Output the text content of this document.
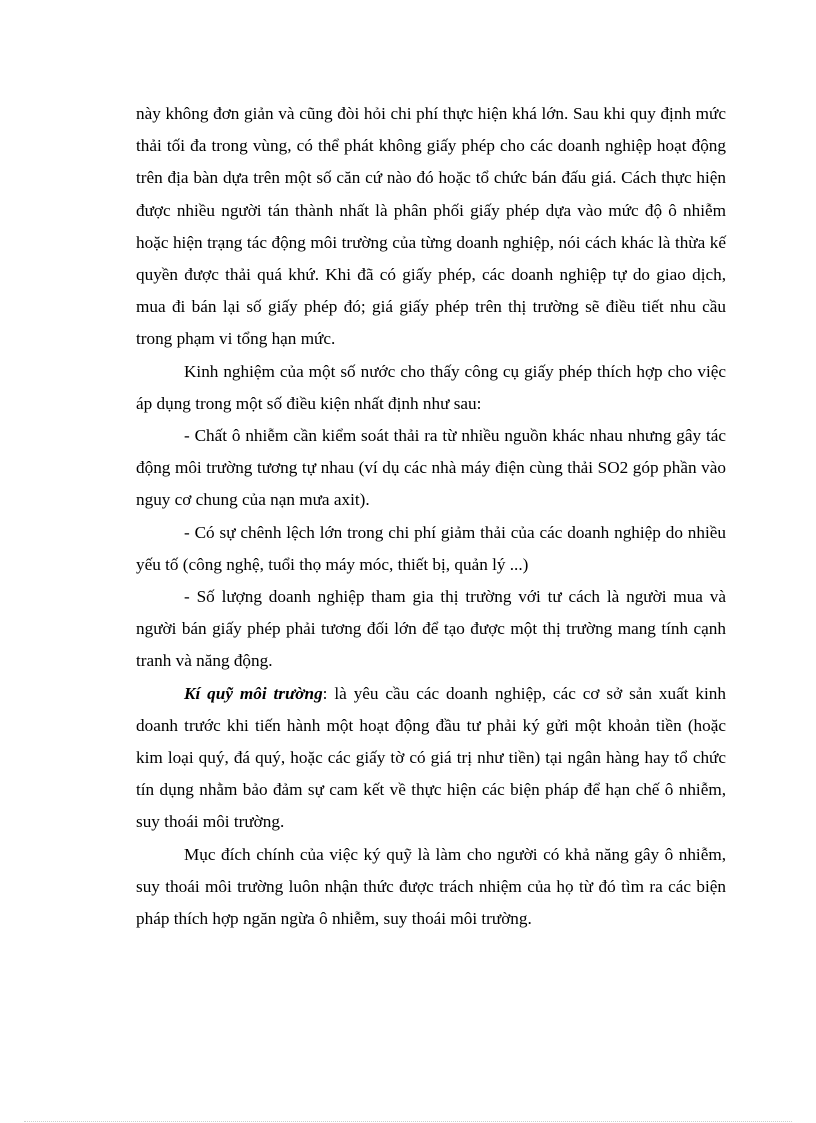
này không đơn giản và cũng đòi hỏi chi phí thực hiện khá lớn. Sau khi quy định mức thải tối đa trong vùng, có thể phát không giấy phép cho các doanh nghiệp hoạt động trên địa bàn dựa trên một số căn cứ nào đó hoặc tổ chức bán đấu giá. Cách thực hiện được nhiều người tán thành nhất là phân phối giấy phép dựa vào mức độ ô nhiễm hoặc hiện trạng tác động môi trường của từng doanh nghiệp, nói cách khác là thừa kế quyền được thải quá khứ. Khi đã có giấy phép, các doanh nghiệp tự do giao dịch, mua đi bán lại số giấy phép đó; giá giấy phép trên thị trường sẽ điều tiết nhu cầu trong phạm vi tổng hạn mức.

Kinh nghiệm của một số nước cho thấy công cụ giấy phép thích hợp cho việc áp dụng trong một số điều kiện nhất định như sau:

- Chất ô nhiễm cần kiểm soát thải ra từ nhiều nguồn khác nhau nhưng gây tác động môi trường tương tự nhau (ví dụ các nhà máy điện cùng thải SO2 góp phần vào nguy cơ chung của nạn mưa axit).

- Có sự chênh lệch lớn trong chi phí giảm thải của các doanh nghiệp do nhiều yếu tố (công nghệ, tuổi thọ máy móc, thiết bị, quản lý ...)

- Số lượng doanh nghiệp tham gia thị trường với tư cách là người mua và người bán giấy phép phải tương đối lớn để tạo được một thị trường mang tính cạnh tranh và năng động.

Kí quỹ môi trường: là yêu cầu các doanh nghiệp, các cơ sở sản xuất kinh doanh trước khi tiến hành một hoạt động đầu tư phải ký gửi một khoản tiền (hoặc kim loại quý, đá quý, hoặc các giấy tờ có giá trị như tiền) tại ngân hàng hay tổ chức tín dụng nhằm bảo đảm sự cam kết về thực hiện các biện pháp để hạn chế ô nhiễm, suy thoái môi trường.

Mục đích chính của việc ký quỹ là làm cho người có khả năng gây ô nhiễm, suy thoái môi trường luôn nhận thức được trách nhiệm của họ từ đó tìm ra các biện pháp thích hợp ngăn ngừa ô nhiễm, suy thoái môi trường.
